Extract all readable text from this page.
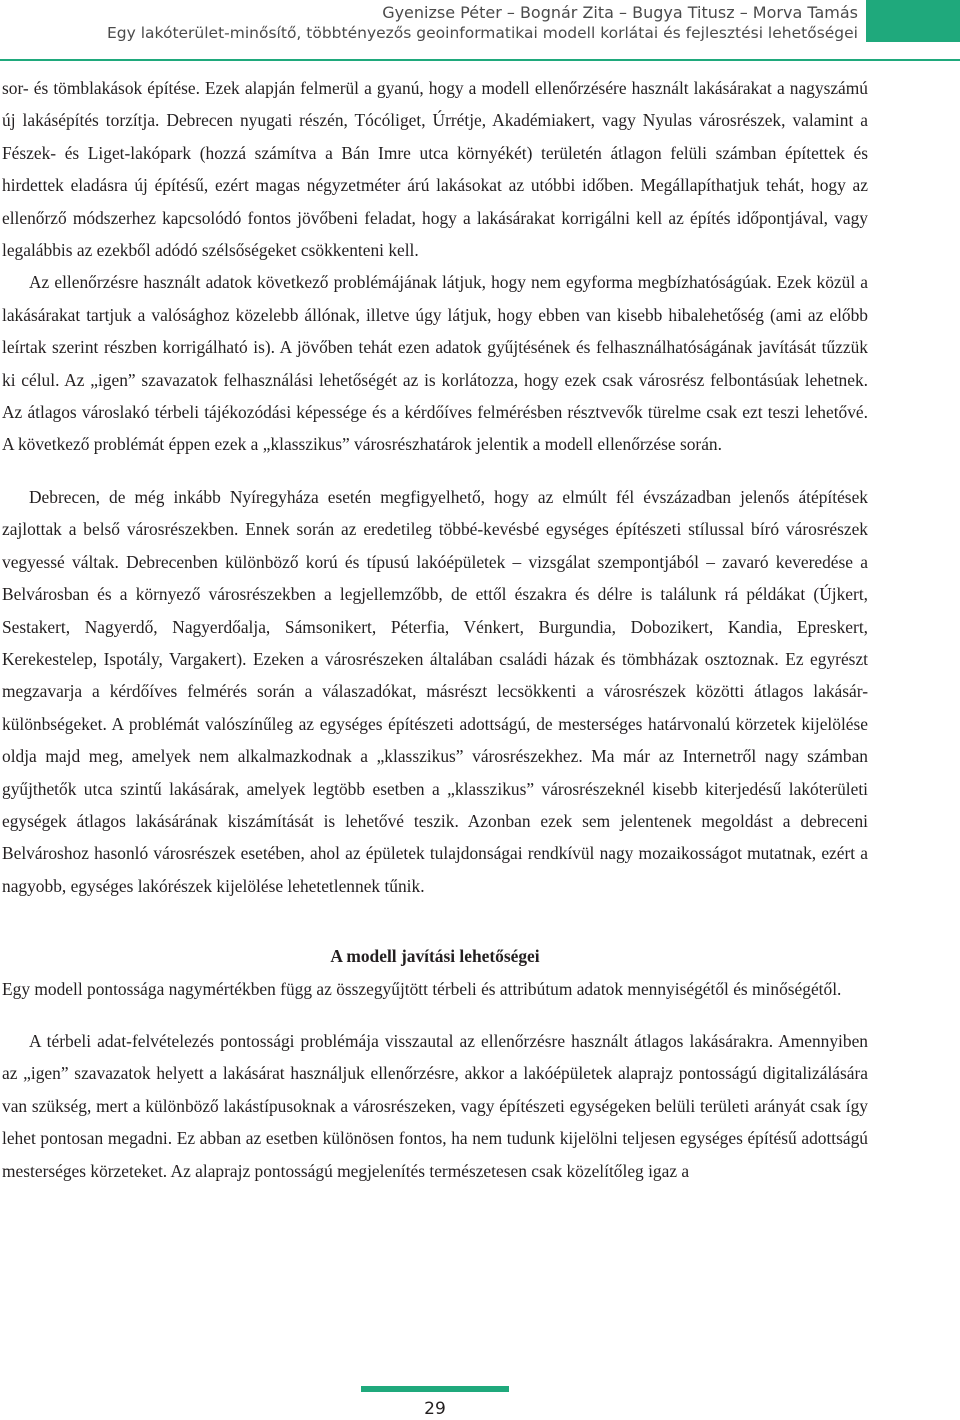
Gyenizse Péter – Bognár Zita – Bugya Titusz – Morva Tamás
Egy lakóterület-minősítő, többtényezős geoinformatikai modell korlátai és fejlesztési lehetőségei

sor- és tömblakások építése. Ezek alapján felmerül a gyanú, hogy a modell ellenőrzésére használt lakásárakat a nagyszámú új lakásépítés torzítja. Debrecen nyugati részén, Tócóliget, Úrrétje, Akadémiakert, vagy Nyulas városrészek, valamint a Fészek- és Liget-lakópark (hozzá számítva a Bán Imre utca környékét) területén átlagon felüli számban építettek és hirdettek eladásra új építésű, ezért magas négyzetméter árú lakásokat az utóbbi időben. Megállapíthatjuk tehát, hogy az ellenőrző módszerhez kapcsolódó fontos jövőbeni feladat, hogy a lakásárakat korrigálni kell az építés időpontjával, vagy legalábbis az ezekből adódó szélsőségeket csökkenteni kell.

Az ellenőrzésre használt adatok következő problémájának látjuk, hogy nem egyforma megbízhatóságúak. Ezek közül a lakásárakat tartjuk a valósághoz közelebb állónak, illetve úgy látjuk, hogy ebben van kisebb hibalehetőség (ami az előbb leírtak szerint részben korrigálható is). A jövőben tehát ezen adatok gyűjtésének és felhasználhatóságának javítását tűzzük ki célul. Az „igen” szavazatok felhasználási lehetőségét az is korlátozza, hogy ezek csak városrész felbontásúak lehetnek. Az átlagos városlakó térbeli tájékozódási képessége és a kérdőíves felmérésben résztvevők türelme csak ezt teszi lehetővé. A következő problémát éppen ezek a „klasszikus” városrészhatárok jelentik a modell ellenőrzése során.

Debrecen, de még inkább Nyíregyháza esetén megfigyelhető, hogy az elmúlt fél évszázadban jelenős átépítések zajlottak a belső városrészekben. Ennek során az eredetileg többé-kevésbé egységes építészeti stílussal bíró városrészek vegyessé váltak. Debrecenben különböző korú és típusú lakóépületek – vizsgálat szempontjából – zavaró keveredése a Belvárosban és a környező városrészekben a legjellemzőbb, de ettől északra és délre is találunk rá példákat (Újkert, Sestakert, Nagyerdő, Nagyerdőalja, Sámsonikert, Péterfia, Vénkert, Burgundia, Dobozikert, Kandia, Epreskert, Kerekestelep, Ispotály, Vargakert). Ezeken a városrészeken általában családi házak és tömbházak osztoznak. Ez egyrészt megzavarja a kérdőíves felmérés során a válaszadókat, másrészt lecsökkenti a városrészek közötti átlagos lakásár-különbségeket. A problémát valószínűleg az egységes építészeti adottságú, de mesterséges határvonalú körzetek kijelölése oldja majd meg, amelyek nem alkalmazkodnak a „klasszikus” városrészekhez. Ma már az Internetről nagy számban gyűjthetők utca szintű lakásárak, amelyek legtöbb esetben a „klasszikus” városrészeknél kisebb kiterjedésű lakóterületi egységek átlagos lakásárának kiszámítását is lehetővé teszik. Azonban ezek sem jelentenek megoldást a debreceni Belvároshoz hasonló városrészek esetében, ahol az épületek tulajdonságai rendkívül nagy mozaikosságot mutatnak, ezért a nagyobb, egységes lakórészek kijelölése lehetetlennek tűnik.

A modell javítási lehetőségei

Egy modell pontossága nagymértékben függ az összegyűjtött térbeli és attribútum adatok mennyiségétől és minőségétől.

A térbeli adat-felvételezés pontossági problémája visszautal az ellenőrzésre használt átlagos lakásárakra. Amennyiben az „igen” szavazatok helyett a lakásárat használjuk ellenőrzésre, akkor a lakóépületek alaprajz pontosságú digitalizálására van szükség, mert a különböző lakástípusoknak a városrészeken, vagy építészeti egységeken belüli területi arányát csak így lehet pontosan megadni. Ez abban az esetben különösen fontos, ha nem tudunk kijelölni teljesen egységes építésű adottságú mesterséges körzeteket. Az alaprajz pontosságú megjelenítés természetesen csak közelítőleg igaz a

29
